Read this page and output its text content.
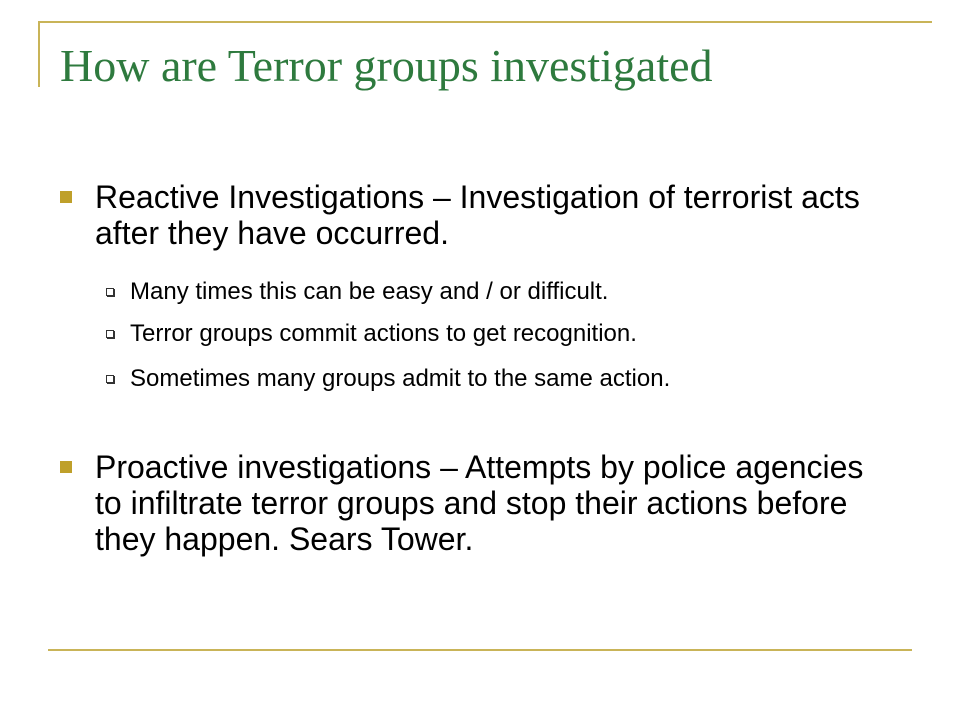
How are Terror groups investigated
Reactive Investigations – Investigation of terrorist acts after they have occurred.
Many times this can be easy and / or difficult.
Terror groups commit actions to get recognition.
Sometimes many groups admit to the same action.
Proactive investigations – Attempts by police agencies to infiltrate terror groups and stop their actions before they happen. Sears Tower.
